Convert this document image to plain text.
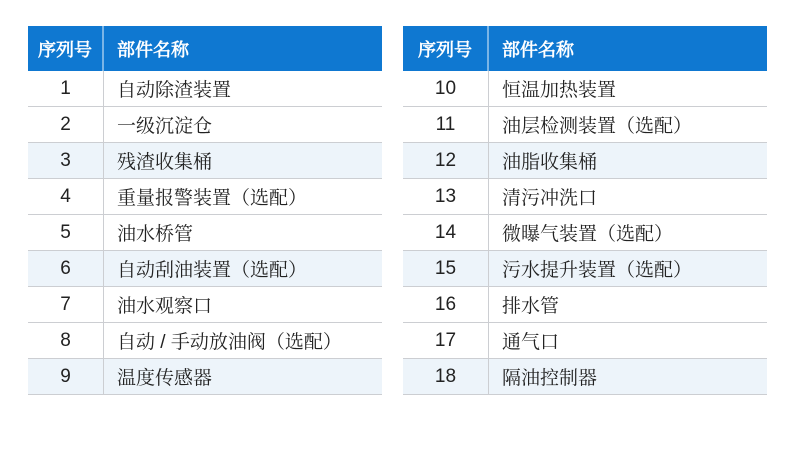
序列号	部件名称
1	自动除渣装置
2	一级沉淀仓
3	残渣收集桶
4	重量报警装置（选配）
5	油水桥管
6	自动刮油装置（选配）
7	油水观察口
8	自动 / 手动放油阀（选配）
9	温度传感器
序列号	部件名称
10	恒温加热装置
11	油层检测装置（选配）
12	油脂收集桶
13	清污冲洗口
14	微曝气装置（选配）
15	污水提升装置（选配）
16	排水管
17	通气口
18	隔油控制器
